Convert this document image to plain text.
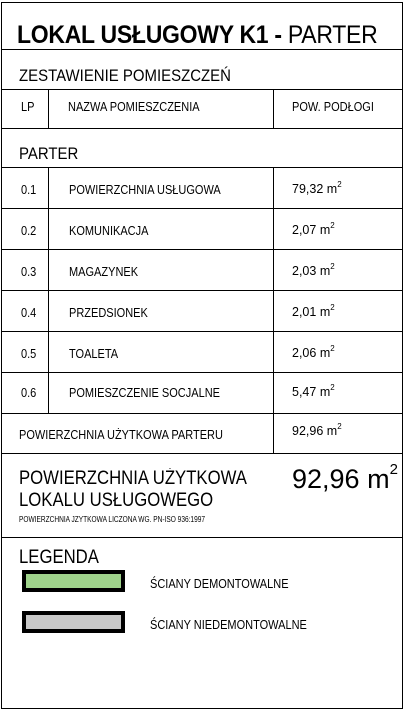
LOKAL USŁUGOWY K1 - PARTER
ZESTAWIENIE POMIESZCZEŃ
LP	NAZWA POMIESZCZENIA	POW. PODŁOGI
PARTER
0.1	POWIERZCHNIA USŁUGOWA	79,32 $m^2$
0.2	KOMUNIKACJA	2,07 $m^2$
0.3	MAGAZYNEK	2,03 $m^2$
0.4	PRZEDSIONEK	2,01 $m^2$
0.5	TOALETA	2,06 $m^2$
0.6	POMIESZCZENIE SOCJALNE	5,47 $m^2$
POWIERZCHNIA UŻYTKOWA PARTERU	92,96 $m^2$
POWIERZCHNIA UŻYTKOWA
LOKALU USŁUGOWEGO
92,96 $m^2$
POWIERZCHNIA JZYTKOWA LICZONA WG. PN-ISO 936:1997
LEGENDA
ŚCIANY DEMONTOWALNE
ŚCIANY NIEDEMONTOWALNE
